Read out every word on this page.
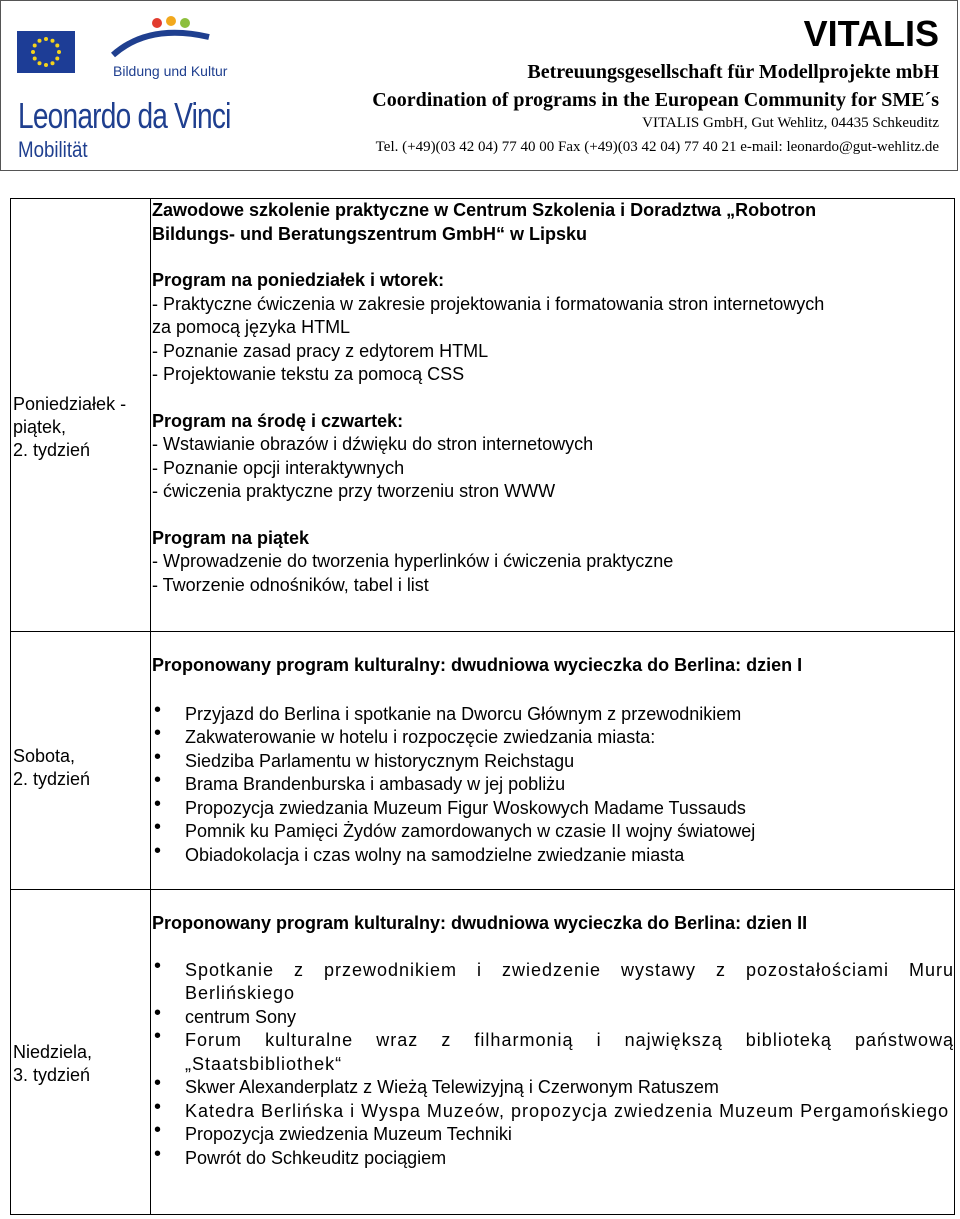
Bildung und Kultur
Leonardo da Vinci
Mobilität
VITALIS
Betreuungsgesellschaft für Modellprojekte mbH
Coordination of programs in the European Community for SME´s
VITALIS GmbH, Gut Wehlitz, 04435 Schkeuditz
Tel. (+49)(03 42 04) 77 40 00 Fax (+49)(03 42 04) 77 40 21 e-mail: leonardo@gut-wehlitz.de
Poniedziałek -
piątek,
2. tydzień
Zawodowe szkolenie praktyczne w Centrum Szkolenia i Doradztwa „Robotron
Bildungs- und Beratungszentrum GmbH“ w Lipsku
Program na poniedziałek i wtorek:
- Praktyczne ćwiczenia w zakresie projektowania i formatowania stron internetowych
za pomocą języka HTML
- Poznanie zasad pracy z edytorem HTML
- Projektowanie tekstu za pomocą CSS
Program na środę i czwartek:
- Wstawianie obrazów i dźwięku do stron internetowych
- Poznanie opcji interaktywnych
- ćwiczenia praktyczne przy tworzeniu stron WWW
Program na piątek
- Wprowadzenie do tworzenia hyperlinków i ćwiczenia praktyczne
- Tworzenie odnośników, tabel i list
Sobota,
2. tydzień
Proponowany program kulturalny: dwudniowa wycieczka do Berlina: dzien I
• Przyjazd do Berlina i spotkanie na Dworcu Głównym z przewodnikiem
• Zakwaterowanie w hotelu i rozpoczęcie zwiedzania miasta:
• Siedziba Parlamentu w historycznym Reichstagu
• Brama Brandenburska i ambasady w jej pobliżu
• Propozycja zwiedzania Muzeum Figur Woskowych Madame Tussauds
• Pomnik ku Pamięci Żydów zamordowanych w czasie II wojny światowej
• Obiadokolacja i czas wolny na samodzielne zwiedzanie miasta
Niedziela,
3. tydzień
Proponowany program kulturalny: dwudniowa wycieczka do Berlina: dzien II
• Spotkanie z przewodnikiem i zwiedzenie wystawy z pozostałościami Muru Berlińskiego
• centrum Sony
• Forum kulturalne wraz z filharmonią i największą biblioteką państwową „Staatsbibliothek“
• Skwer Alexanderplatz z Wieżą Telewizyjną i Czerwonym Ratuszem
• Katedra Berlińska i Wyspa Muzeów, propozycja zwiedzenia Muzeum Pergamońskiego
• Propozycja zwiedzenia Muzeum Techniki
• Powrót do Schkeuditz pociągiem
